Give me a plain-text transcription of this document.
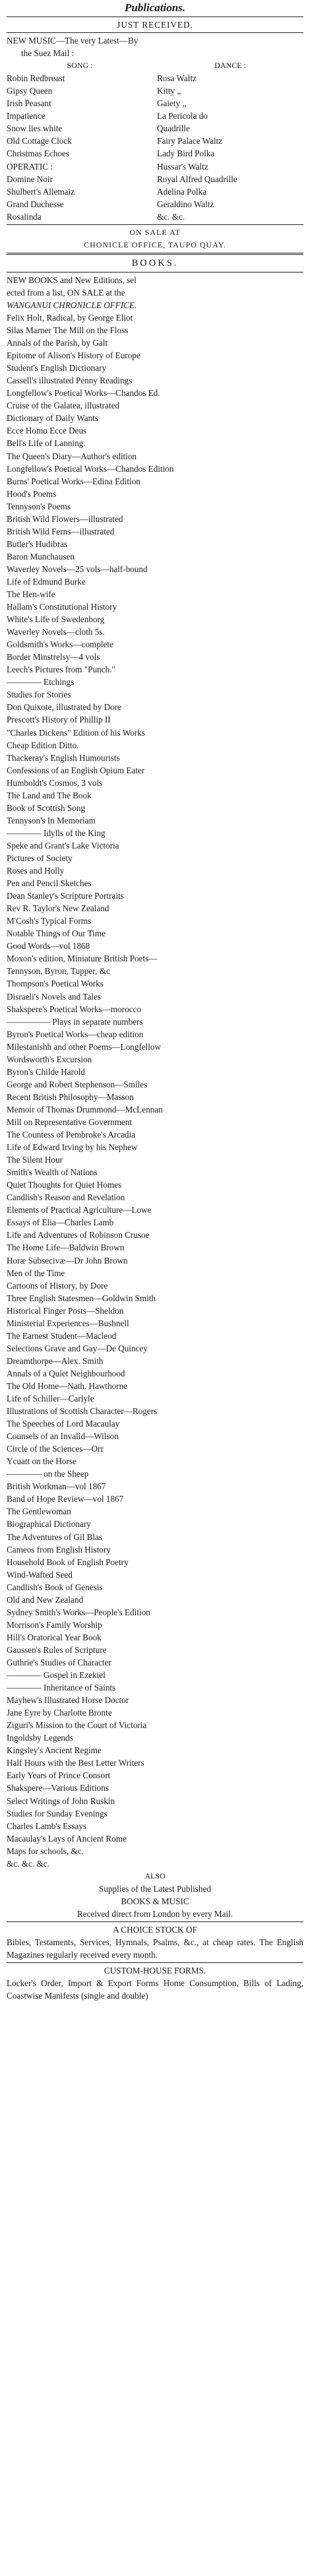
Publications.
JUST RECEIVED.
NEW MUSIC—The very Latest—By
the Suez Mail :
SONG :	DANCE :
Robin Redbreast	Rosa Waltz
Gipsy Queen	Kitty „
Irish Peasant	Gaiety „
Impatience	La Pericola do
Snow lies white	Quadrille
Old Cottage Clock	Fairy Palace Waltz
Christmas Echoes	Lady Bird Polka
OPERATIC :	Hussar's Waltz
Domine Noir	Royal Alfred Quadrille
Shulbert's Allemaiz	Adelina Polka
Grand Duchesse	Geraldino Waltz
Rosalinda	&c. &c.
ON SALE AT
CHONICLE OFFICE, TAUPO QUAY.
BOOKS.
NEW BOOKS and New Editions, sel
ected from a list, ON SALE at the
WANGANUI CHRONICLE OFFICE.
Felix Holt, Radical, by George Eliot
Silas Marner The Mill on the Floss
Annals of the Parish, by Galt
Epitome of Alison's History of Europe
Student's English Dictionary
Cassell's illustrated Penny Readings
Longfellow's Poetical Works—Chandos Ed.
Cruise of the Galatea, illustrated
Dictionary of Daily Wants
Ecce Homo Ecce Deus
Bell's Life of Lanning.
The Queen's Diary—Author's edition
Longfellow's Poetical Works—Chandos Edition
Burns' Poetical Works—Edina Edition
Hood's Poems
Tennyson's Poems
British Wild Flowers—illustrated
British Wild Ferns—illustrated
Butler's Hudibras
Baron Munchausen
Waverley Novels—25 vols—half-bound
Life of Edmund Burke
The Hen-wife
Hallam's Constitutional History
White's Life of Swedenborg
Waverley Novels—cloth 5s.
Goldsmith's Works—complete
Border Minstrelsy—4 vols
Leech's Pictures from "Punch."
———— Etchings
Studies for Stories
Don Quixote, illustrated by Dore
Prescott's History of Phillip II
"Charles Dickens" Edition of his Works
Cheap Edition Ditto.
Thackeray's English Humourists
Confessions of an English Opium Eater
Humboldt's Cosmos, 3 vols
The Land and The Book
Book of Scottish Song
Tennyson's In Memoriam
———— Idylls of the King
Speke and Grant's Lake Victoria
Pictures of Society
Roses and Holly
Pen and Pencil Sketches
Dean Stanley's Scripture Portraits
Rev R. Taylor's New Zealand
M'Cosh's Typical Forms
Notable Things of Our Time
Good Words—vol 1868
Moxon's edition, Miniature British Poets—
Tennyson, Byron, Tupper, &c
Thompson's Poetical Works
Disraeli's Novels and Tales
Shakspere's Poetical Works—morocco
————— Plays in separate numbers
Byron's Poetical Works—cheap edition
Milestanishh and other Poems—Longfellow
Wordsworth's Excursion
Byron's Childe Harold
George and Robert Stephenson—Smiles
Recent British Philosophy—Masson
Memoir of Thomas Drummond—McLennan
Mill on Representative Government
The Countess of Pembroke's Arcadia
Life of Edward Irving by his Nephew
The Silent Hour
Smith's Wealth of Nations
Quiet Thoughts for Quiet Homes
Candlish's Reason and Revelation
Elements of Practical Agriculture—Lowe
Essays of Elia—Charles Lamb
Life and Adventures of Robinson Crusoe
The Home Life—Baldwin Brown
Horæ Subsecivæ—Dr John Brown
Men of the Time
Cartoons of History, by Dore
Three English Statesmen—Goldwin Smith
Historical Finger Posts—Sheldon
Ministerial Experiences—Bushnell
The Earnest Student—Macleod
Selections Grave and Gay—De Quincey
Dreamthorpe—Alex. Smith
Annals of a Quiet Neighbourhood
The Old Home—Nath. Hawthorne
Life of Schiller—Carlyle
Illustrations of Scottish Character—Rogers
The Speeches of Lord Macaulay
Counsels of an Invalid—Wilson
Circle of the Sciences—Orr
Ycuatt on the Horse
———— on the Sheep
British Workman—vol 1867
Band of Hope Review—vol 1867
The Gentlewoman
Biographical Dictionary
The Adventures of Gil Blas
Cameos from English History
Household Book of English Poetry
Wind-Wafted Seed
Candlish's Book of Genesis
Old and New Zealand
Sydney Smith's Works—People's Edition
Morrison's Family Worship
Hill's Oratorical Year Book
Gaussen's Rules of Scripture
Guthrie's Studies of Character
———— Gospel in Ezekiel
———— Inheritance of Saints
Mayhew's Illustrated Horse Doctor
Jane Eyre by Charlotte Bronte
Ziguri's Mission to the Court of Victoria
Ingoldsby Legends
Kingsley's Ancient Regime
Half Hours with the Best Letter Writers
Early Years of Prince Consort
Shakspere—Various Editions
Select Writings of John Ruskin
Studies for Sunday Evenings
Charles Lamb's Essays
Macaulay's Lays of Ancient Rome
Maps for schools, &c.
&c. &c. &c.
ALSO
Supplies of the Latest Published
BOOKS & MUSIC
Received direct from London by every Mail.
A CHOICE STOCK OF
Bibles, Testaments, Services, Hymnals, Psalms, &c., at cheap rates. The English Magazines regularly received every month.
CUSTOM-HOUSE FORMS.
Locker's Order, Import & Export Forms Home Consumption, Bills of Lading, Coastwise Manifests (single and double)
